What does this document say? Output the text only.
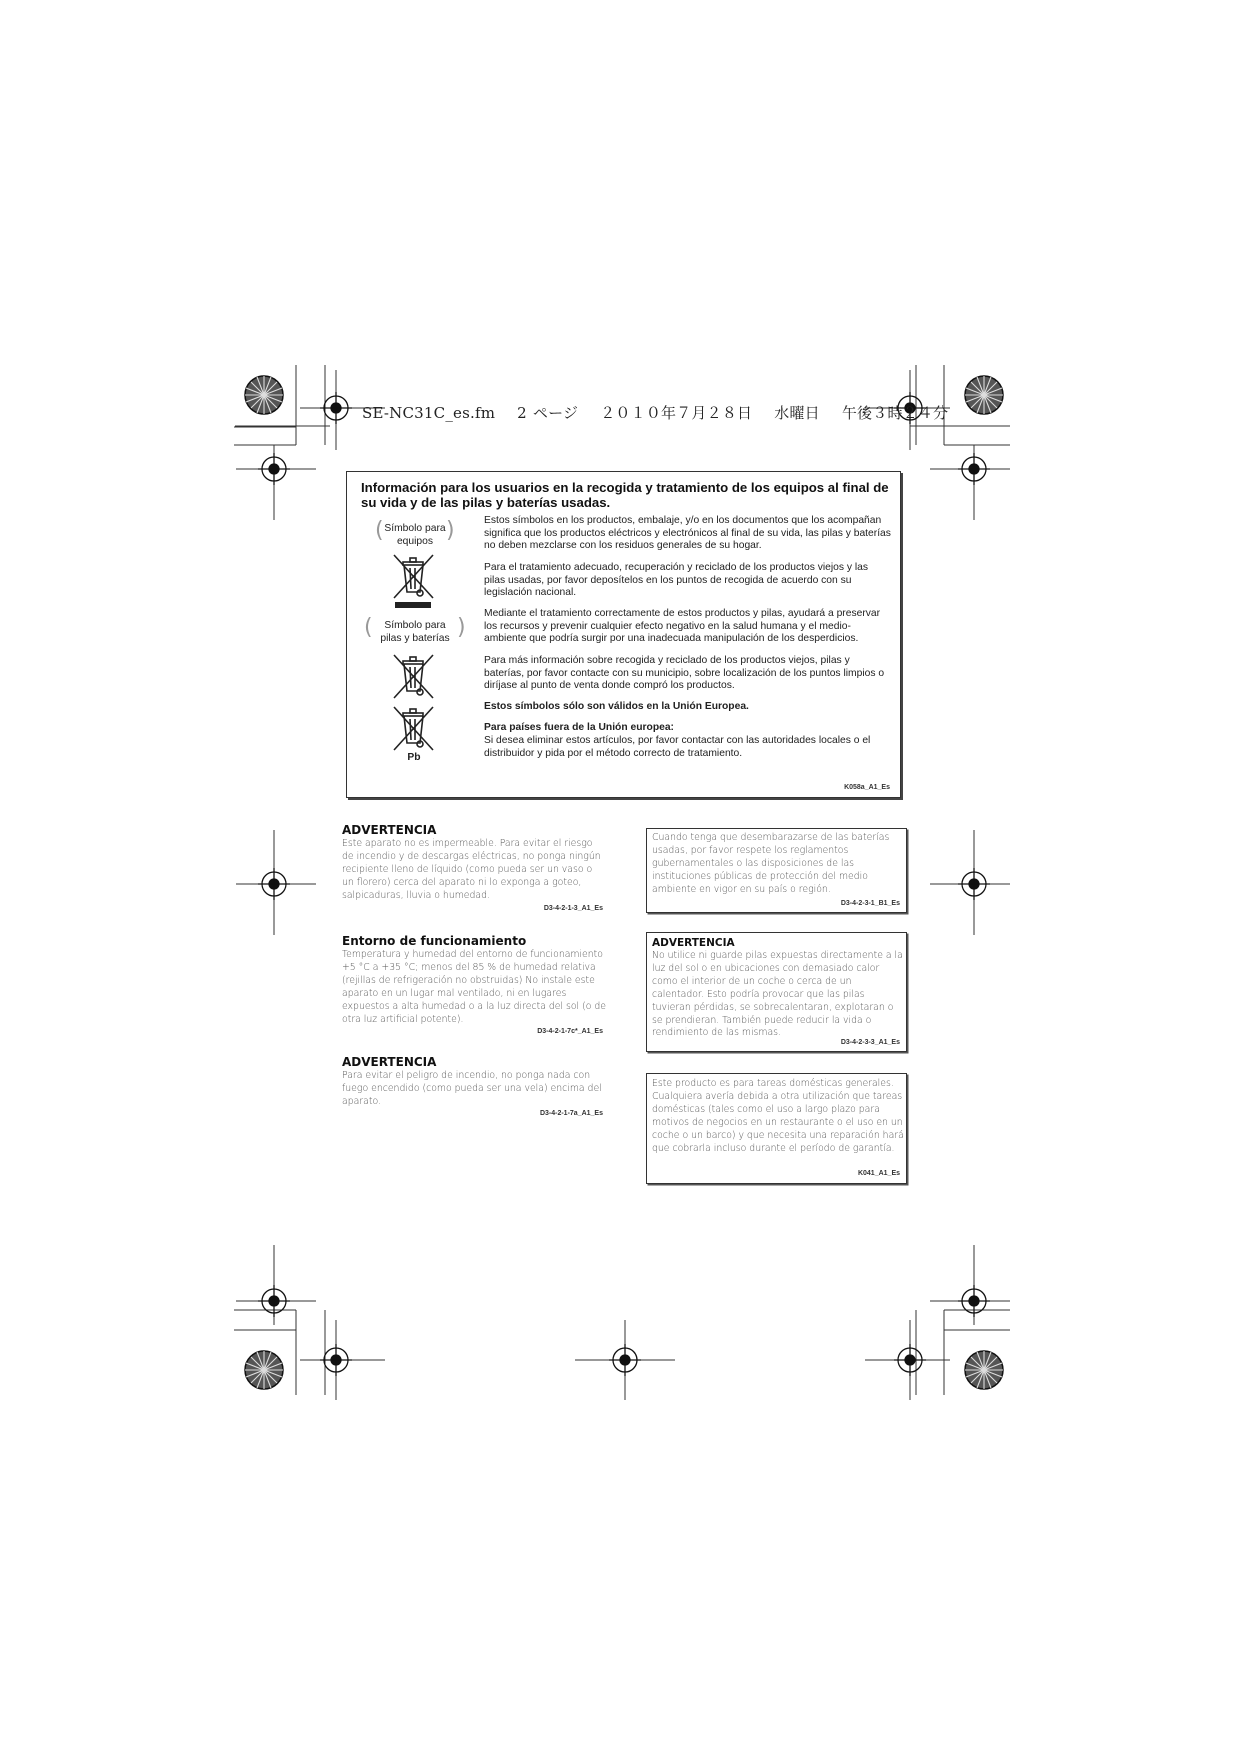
SE-NC31C_es.fm 2 ページ ２０１０年７月２８日 水曜日 午後３時２４分
Información para los usuarios en la recogida y tratamiento de los equipos al final de su vida y de las pilas y baterías usadas.
(	)
Símbolo para
equipos
(	)
Símbolo para
pilas y baterías
Pb
Estos símbolos en los productos, embalaje, y/o en los documentos que los acompañan significa que los productos eléctricos y electrónicos al final de su vida, las pilas y baterías no deben mezclarse con los residuos generales de su hogar.
Para el tratamiento adecuado, recuperación y reciclado de los productos viejos y las pilas usadas, por favor deposítelos en los puntos de recogida de acuerdo con su legislación nacional.
Mediante el tratamiento correctamente de estos productos y pilas, ayudará a preservar los recursos y prevenir cualquier efecto negativo en la salud humana y el medio-ambiente que podría surgir por una inadecuada manipulación de los desperdicios.
Para más información sobre recogida y reciclado de los productos viejos, pilas y baterías, por favor contacte con su municipio, sobre localización de los puntos limpios o diríjase al punto de venta donde compró los productos.
Estos símbolos sólo son válidos en la Unión Europea.
Para países fuera de la Unión europea:
Si desea eliminar estos artículos, por favor contactar con las autoridades locales o el distribuidor y pida por el método correcto de tratamiento.
K058a_A1_Es
ADVERTENCIA
Este aparato no es impermeable. Para evitar el riesgo de incendio y de descargas eléctricas, no ponga ningún recipiente lleno de líquido (como pueda ser un vaso o un florero) cerca del aparato ni lo exponga a goteo, salpicaduras, lluvia o humedad.
D3-4-2-1-3_A1_Es
Entorno de funcionamiento
Temperatura y humedad del entorno de funcionamiento +5 °C a +35 °C; menos del 85 % de humedad relativa (rejillas de refrigeración no obstruidas) No instale este aparato en un lugar mal ventilado, ni en lugares expuestos a alta humedad o a la luz directa del sol (o de otra luz artificial potente).
D3-4-2-1-7c*_A1_Es
ADVERTENCIA
Para evitar el peligro de incendio, no ponga nada con fuego encendido (como pueda ser una vela) encima del aparato.
D3-4-2-1-7a_A1_Es
Cuando tenga que desembarazarse de las baterías usadas, por favor respete los reglamentos gubernamentales o las disposiciones de las instituciones públicas de protección del medio ambiente en vigor en su país o región.
D3-4-2-3-1_B1_Es
ADVERTENCIA
No utilice ni guarde pilas expuestas directamente a la luz del sol o en ubicaciones con demasiado calor como el interior de un coche o cerca de un calentador. Esto podría provocar que las pilas tuvieran pérdidas, se sobrecalentaran, explotaran o se prendieran. También puede reducir la vida o rendimiento de las mismas.
D3-4-2-3-3_A1_Es
Este producto es para tareas domésticas generales. Cualquiera avería debida a otra utilización que tareas domésticas (tales como el uso a largo plazo para motivos de negocios en un restaurante o el uso en un coche o un barco) y que necesita una reparación hará que cobrarla incluso durante el período de garantía.
K041_A1_Es
